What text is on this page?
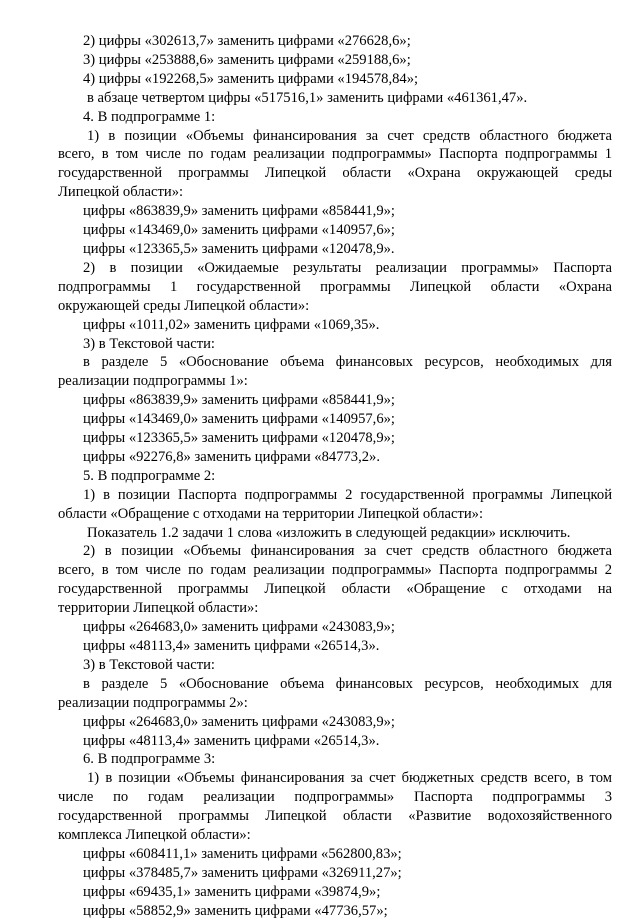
2) цифры «302613,7» заменить цифрами «276628,6»;

3) цифры «253888,6» заменить цифрами «259188,6»;

4) цифры «192268,5» заменить цифрами «194578,84»;

в абзаце четвертом цифры «517516,1» заменить цифрами «461361,47».

4. В подпрограмме 1:

1) в позиции «Объемы финансирования за счет средств областного бюджета

всего, в том числе по годам реализации подпрограммы» Паспорта подпрограммы 1

государственной программы Липецкой области «Охрана окружающей среды

Липецкой области»:

цифры «863839,9» заменить цифрами «858441,9»;

цифры «143469,0» заменить цифрами «140957,6»;

цифры «123365,5» заменить цифрами «120478,9».

2) в позиции «Ожидаемые результаты реализации программы» Паспорта

подпрограммы 1 государственной программы Липецкой области «Охрана

окружающей среды Липецкой области»:

цифры «1011,02» заменить цифрами «1069,35».

3) в Текстовой части:

в разделе 5 «Обоснование объема финансовых ресурсов, необходимых для

реализации подпрограммы 1»:

цифры «863839,9» заменить цифрами «858441,9»;

цифры «143469,0» заменить цифрами «140957,6»;

цифры «123365,5» заменить цифрами «120478,9»;

цифры «92276,8» заменить цифрами «84773,2».

5. В подпрограмме 2:

1) в позиции Паспорта подпрограммы 2 государственной программы Липецкой

области «Обращение с отходами на территории Липецкой области»:

Показатель 1.2 задачи 1 слова «изложить в следующей редакции» исключить.

2) в позиции «Объемы финансирования за счет средств областного бюджета

всего, в том числе по годам реализации подпрограммы» Паспорта подпрограммы 2

государственной программы Липецкой области «Обращение с отходами на

территории Липецкой области»:

цифры «264683,0» заменить цифрами «243083,9»;

цифры «48113,4» заменить цифрами «26514,3».

3) в Текстовой части:

в разделе 5 «Обоснование объема финансовых ресурсов, необходимых для

реализации подпрограммы 2»:

цифры «264683,0» заменить цифрами «243083,9»;

цифры «48113,4» заменить цифрами «26514,3».

6. В подпрограмме 3:

1) в позиции «Объемы финансирования за счет бюджетных средств всего, в том

числе по годам реализации подпрограммы» Паспорта подпрограммы 3

государственной программы Липецкой области «Развитие водохозяйственного

комплекса Липецкой области»:

цифры «608411,1» заменить цифрами «562800,83»;

цифры «378485,7» заменить цифрами «326911,27»;

цифры «69435,1» заменить цифрами «39874,9»;

цифры «58852,9» заменить цифрами «47736,57»;
